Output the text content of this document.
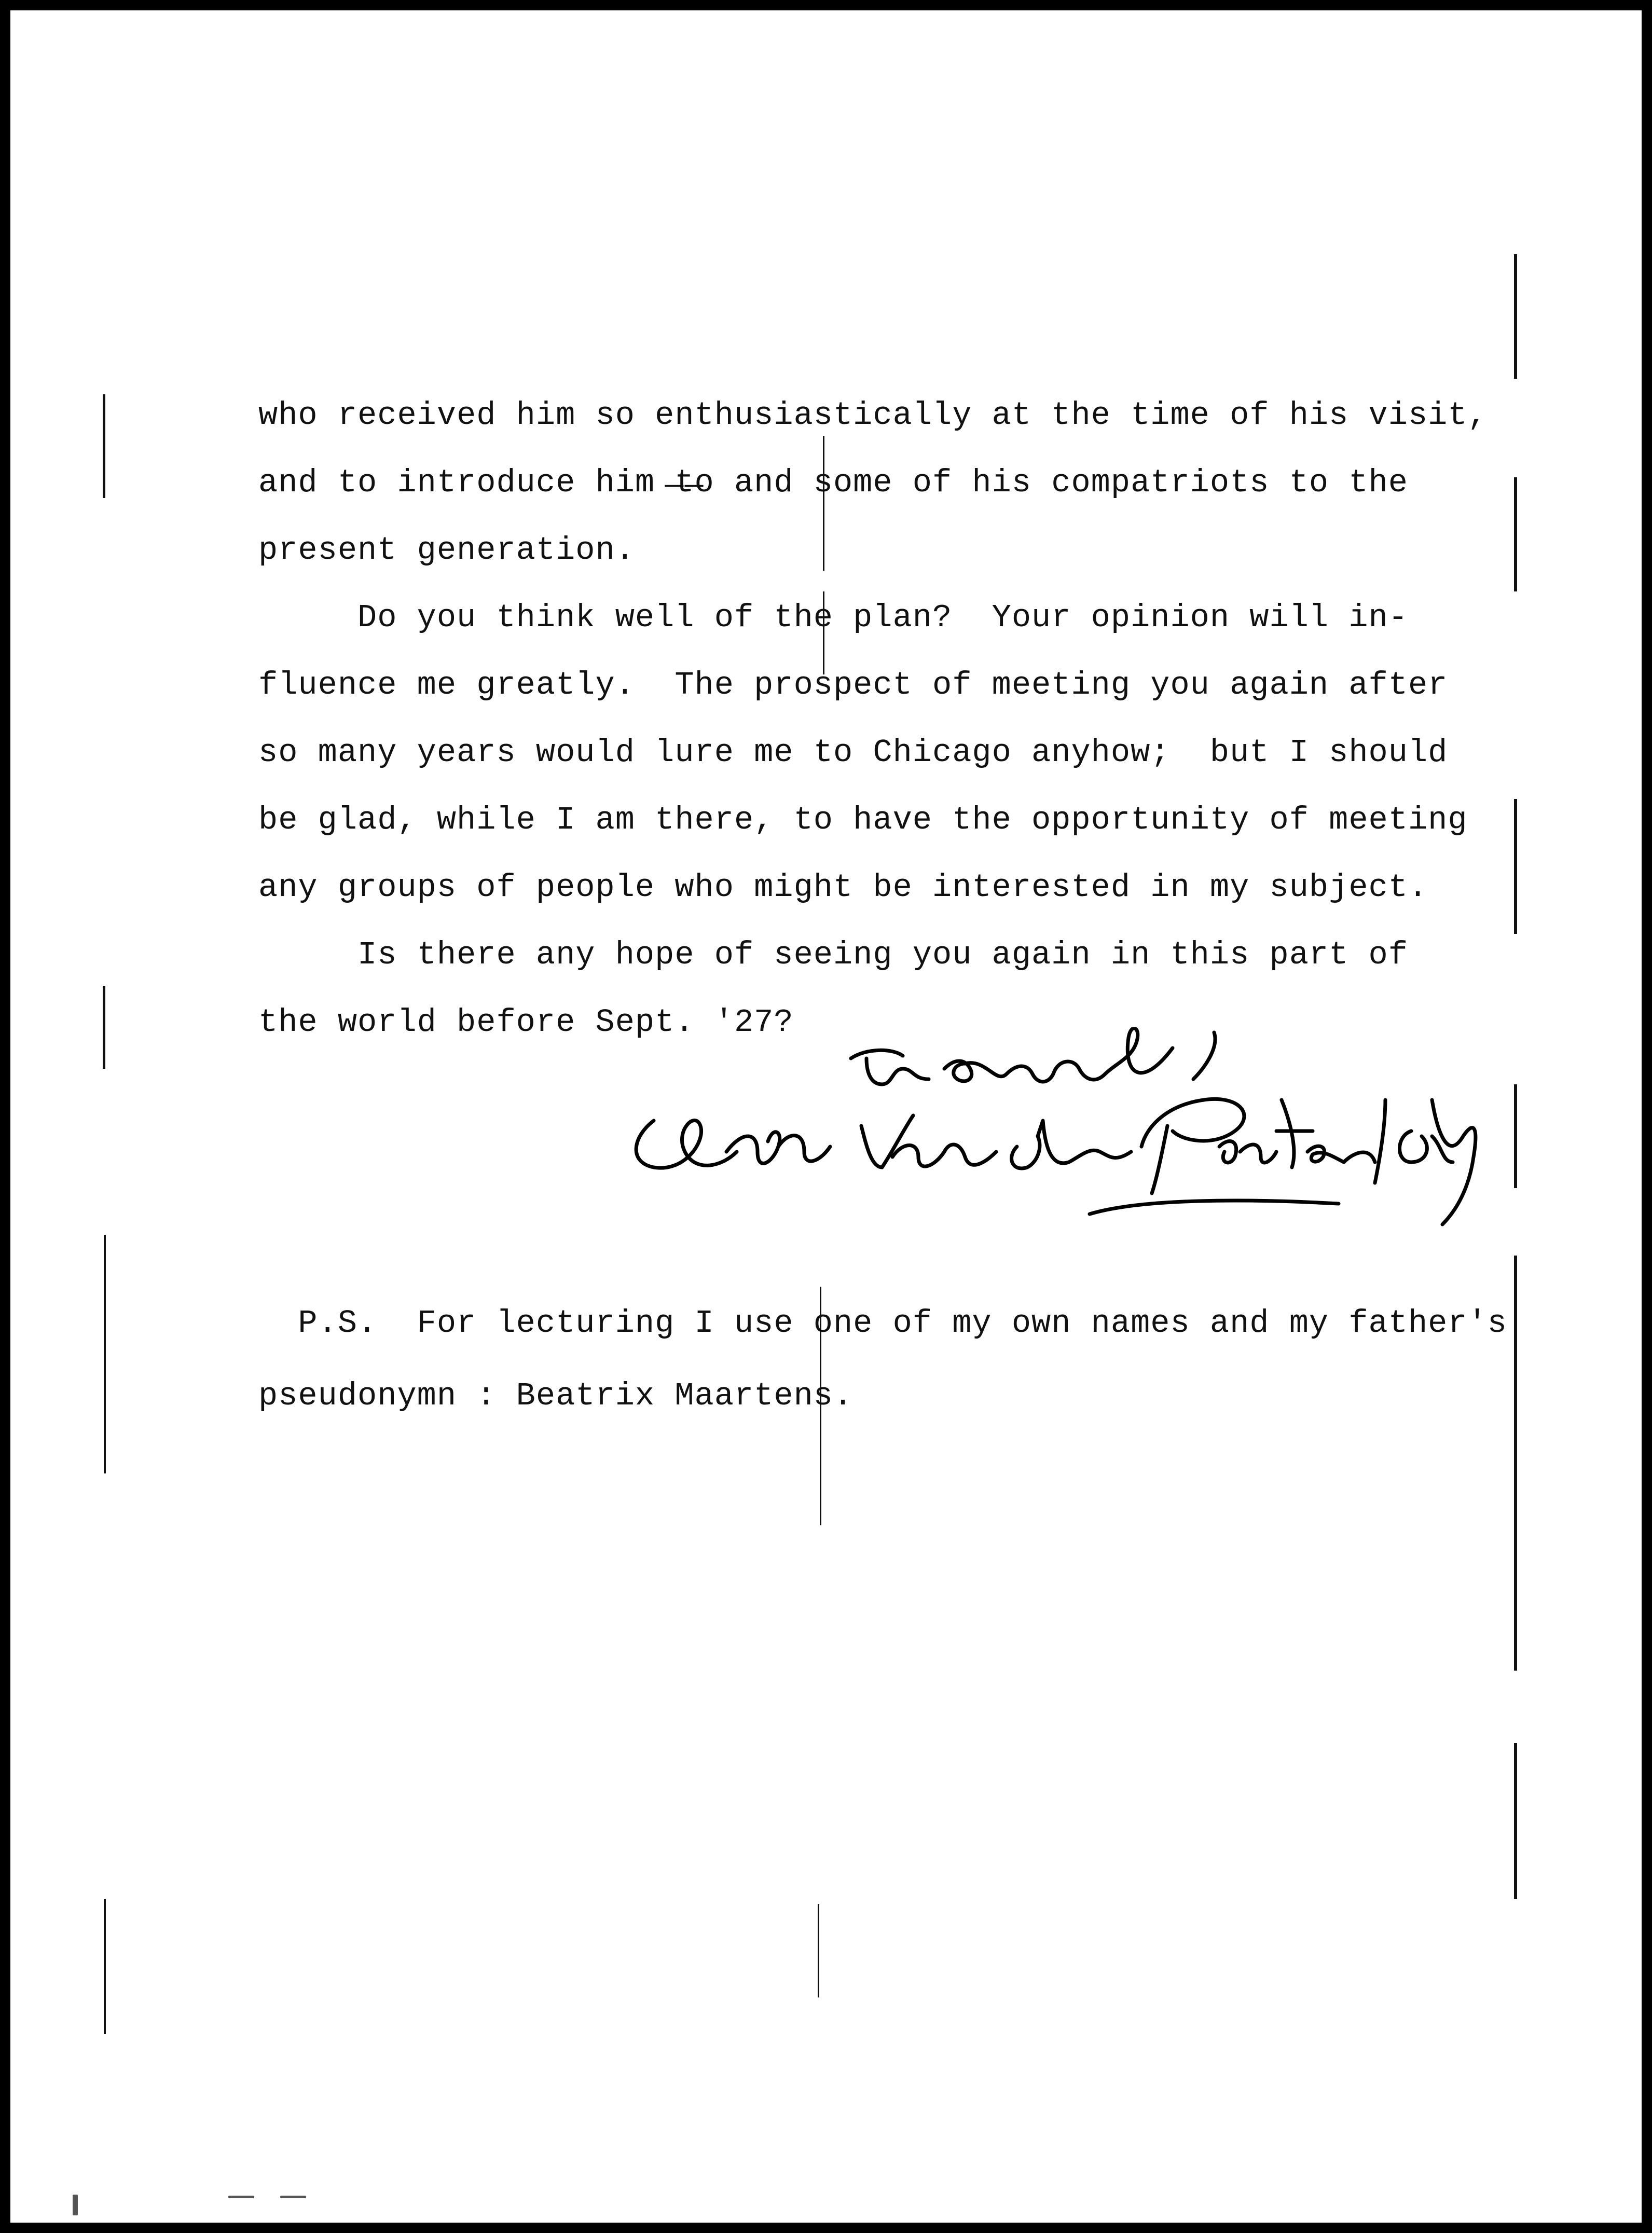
who received him so enthusiastically at the time of his visit,
and to introduce him ̶t̶o and some of his compatriots to the
present generation.
Do you think well of the plan?  Your opinion will in-
fluence me greatly.  The prospect of meeting you again after
so many years would lure me to Chicago anyhow;  but I should
be glad, while I am there, to have the opportunity of meeting
any groups of people who might be interested in my subject.
Is there any hope of seeing you again in this part of
the world before Sept. '27?
P.S.  For lecturing I use one of my own names and my father's
pseudonymn : Beatrix Maartens.
